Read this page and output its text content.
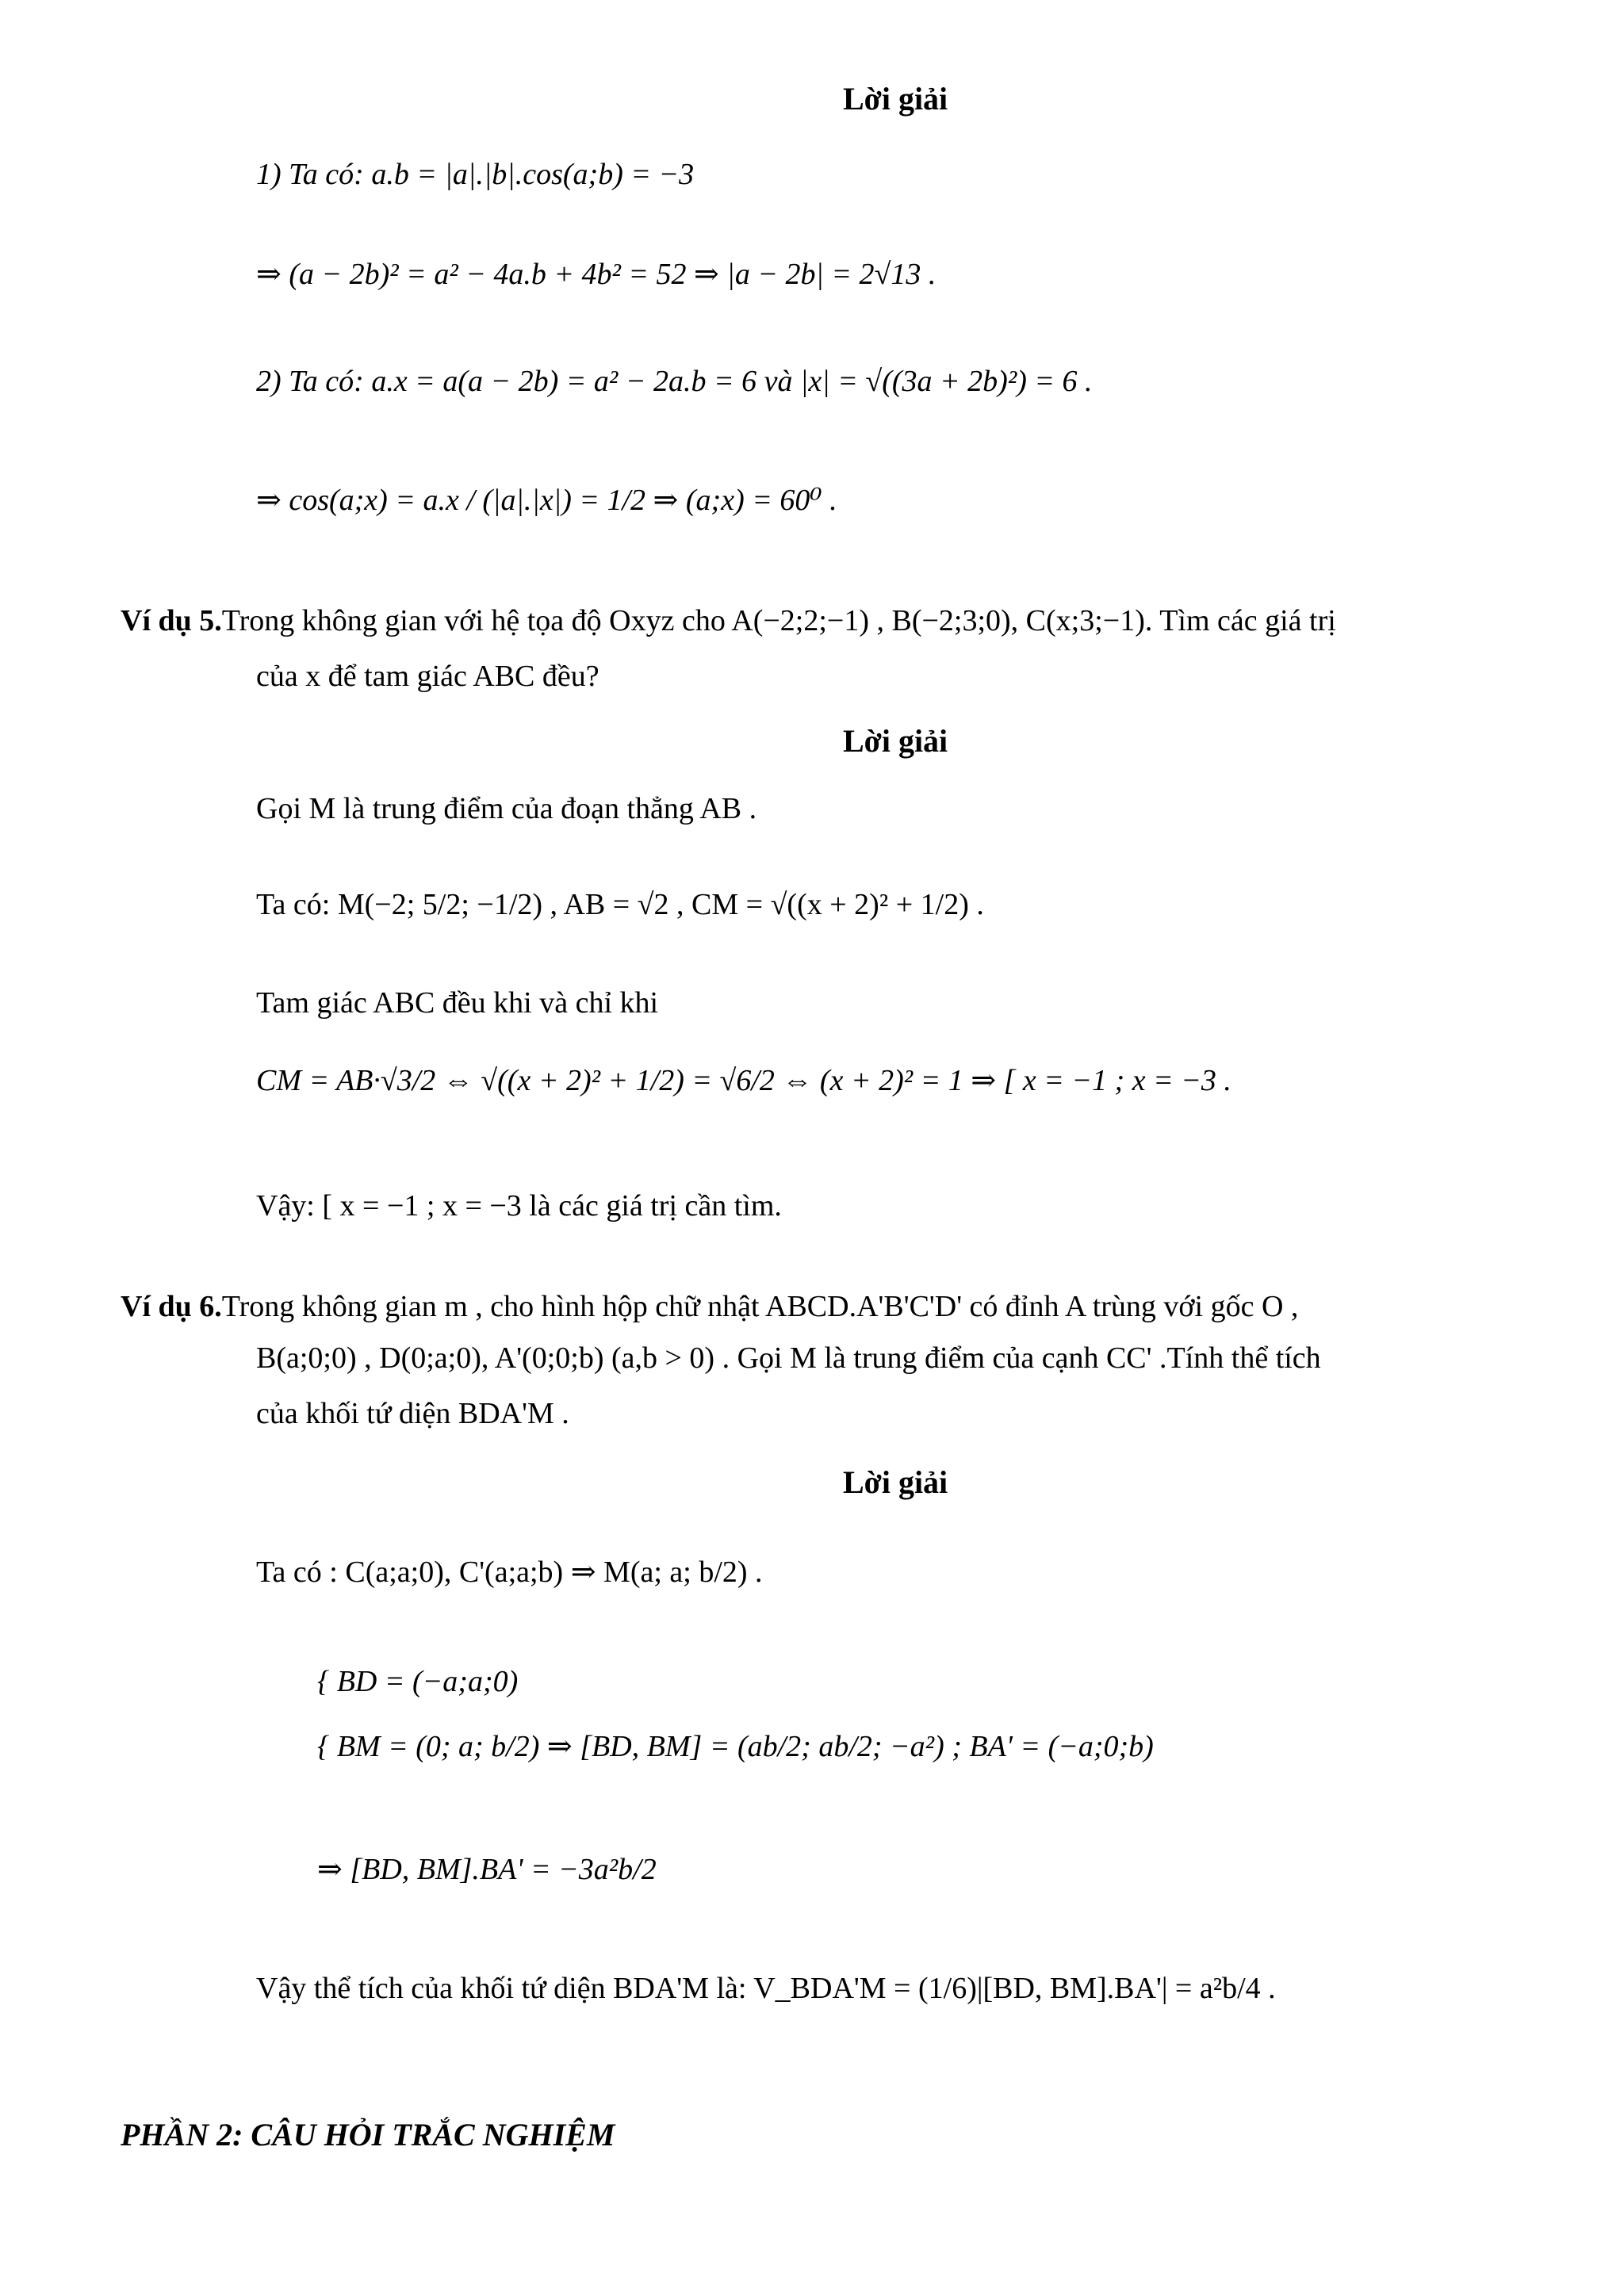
Lời giải
1) Ta có: a.b = |a|.|b|.cos(a;b) = −3
⇒ (a − 2b)² = a² − 4a.b + 4b² = 52 ⇒ |a − 2b| = 2√13 .
2) Ta có: a.x = a(a − 2b) = a² − 2a.b = 6 và |x| = √((3a + 2b)²) = 6 .
⇒ cos(a;x) = a.x / (|a|.|x|) = 1/2 ⇒ (a;x) = 60⁰ .
Ví dụ 5.Trong không gian với hệ tọa độ Oxyz cho A(−2;2;−1) , B(−2;3;0), C(x;3;−1). Tìm các giá trị
của x để tam giác ABC đều?
Lời giải
Gọi M là trung điểm của đoạn thẳng AB .
Ta có: M(−2; 5/2; −1/2) , AB = √2 , CM = √((x + 2)² + 1/2) .
Tam giác ABC đều khi và chỉ khi
CM = AB·√3/2 ⇔ √((x + 2)² + 1/2) = √6/2 ⇔ (x + 2)² = 1 ⇒ [ x = −1 ; x = −3 .
Vậy: [ x = −1 ; x = −3 là các giá trị cần tìm.
Ví dụ 6.Trong không gian m , cho hình hộp chữ nhật ABCD.A'B'C'D' có đỉnh A trùng với gốc O ,
B(a;0;0) , D(0;a;0), A'(0;0;b) (a,b > 0) . Gọi M là trung điểm của cạnh CC' .Tính thể tích
của khối tứ diện BDA'M .
Lời giải
Ta có : C(a;a;0), C'(a;a;b) ⇒ M(a; a; b/2) .
{ BD = (−a;a;0)
{ BM = (0; a; b/2) ⇒ [BD, BM] = (ab/2; ab/2; −a²) ; BA' = (−a;0;b)
⇒ [BD, BM].BA' = −3a²b/2
Vậy thể tích của khối tứ diện BDA'M là: V_BDA'M = (1/6)|[BD, BM].BA'| = a²b/4 .
PHẦN 2: CÂU HỎI TRẮC NGHIỆM
